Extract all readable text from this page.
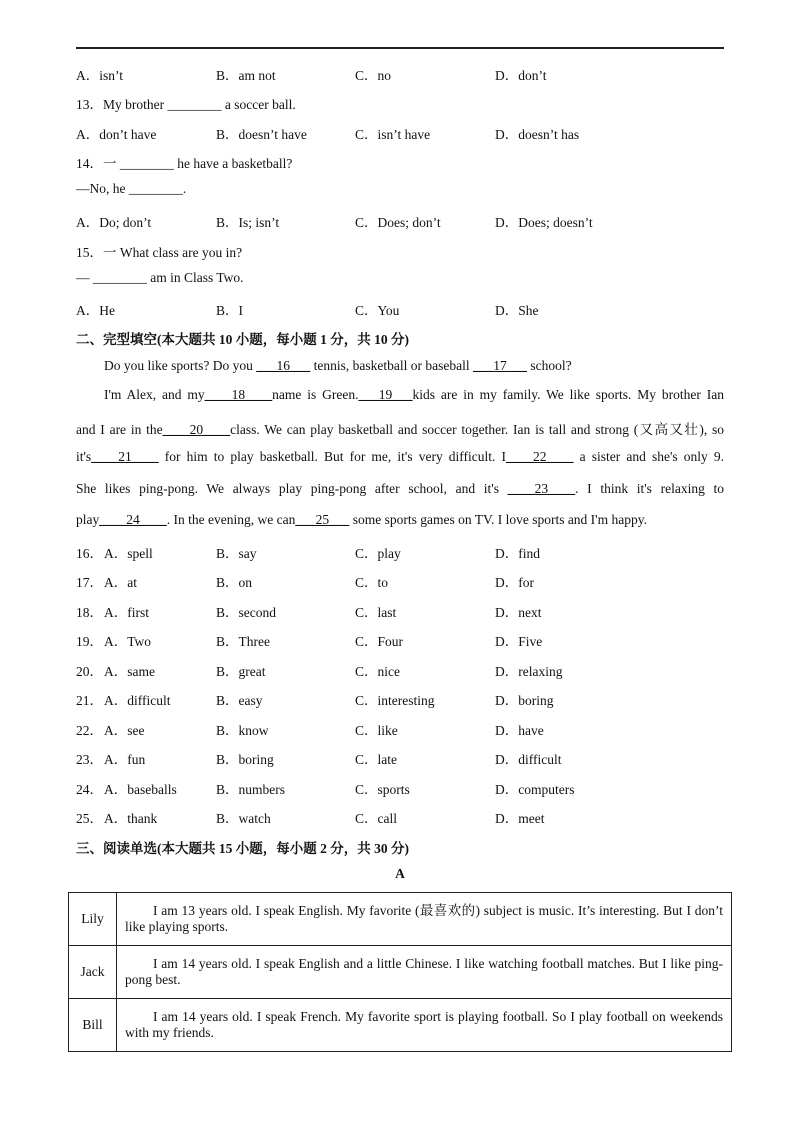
A．isn’t	B．am not	C．no	D．don’t
13．My brother ________ a soccer ball.
A．don’t have	B．doesn’t have	C．isn’t have	D．doesn’t has
14．一 ________ he have a basketball?
—No, he ________.
A．Do; don’t	B．Is; isn’t	C．Does; don’t	D．Does; doesn’t
15．一 What class are you in?
— ________ am in Class Two.
A．He	B．I	C．You	D．She
二、完型填空(本大题共 10 小题，每小题 1 分，共 10 分)
Do you like sports? Do you ___16___ tennis, basketball or baseball ___17___ school?
I'm Alex, and my____18____name is Green.___19___kids are in my family. We like sports. My brother Ian
and I are in the____20____class. We can play basketball and soccer together. Ian is tall and strong (又高又壮), so
it's____21____ for him to play basketball. But for me, it's very difficult. I____22____ a sister and she's only 9.
She likes ping-pong. We always play ping-pong after school, and it's ____23____. I think it's relaxing to
play____24____. In the evening, we can___25___ some sports games on TV. I love sports and I'm happy.
16． A．spell	B．say	C．play	D．find
17． A．at	B．on	C．to	D．for
18． A．first	B．second	C．last	D．next
19． A．Two	B．Three	C．Four	D．Five
20． A．same	B．great	C．nice	D．relaxing
21． A．difficult	B．easy	C．interesting	D．boring
22． A．see	B．know	C．like	D．have
23． A．fun	B．boring	C．late	D．difficult
24． A．baseballs	B．numbers	C．sports	D．computers
25． A．thank	B．watch	C．call	D．meet
三、阅读单选(本大题共 15 小题，每小题 2 分，共 30 分)
A
Lily	I am 13 years old. I speak English. My favorite (最喜欢的) subject is music. It’s interesting. But I don’t like playing sports.
Jack	I am 14 years old. I speak English and a little Chinese. I like watching football matches. But I like ping-pong best.
Bill	I am 14 years old. I speak French. My favorite sport is playing football. So I play football on weekends with my friends.
